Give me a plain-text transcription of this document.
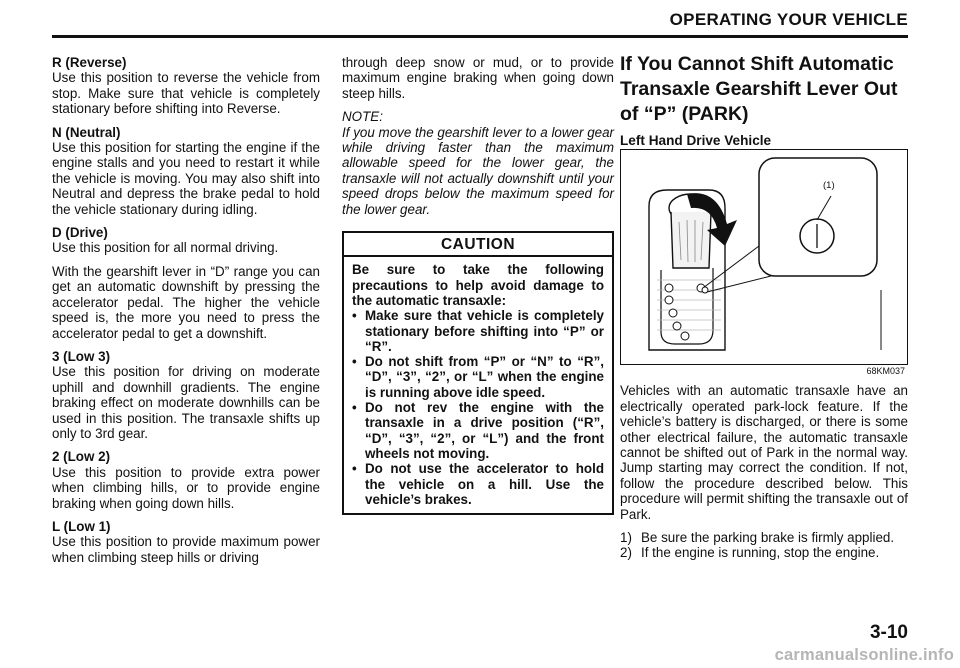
OPERATING YOUR VEHICLE
R (Reverse)
Use this position to reverse the vehicle from stop. Make sure that vehicle is completely stationary before shifting into Reverse.
N (Neutral)
Use this position for starting the engine if the engine stalls and you need to restart it while the vehicle is moving. You may also shift into Neutral and depress the brake pedal to hold the vehicle stationary during idling.
D (Drive)
Use this position for all normal driving.
With the gearshift lever in “D” range you can get an automatic downshift by pressing the accelerator pedal. The higher the vehicle speed is, the more you need to press the accelerator pedal to get a downshift.
3 (Low 3)
Use this position for driving on moderate uphill and downhill gradients. The engine braking effect on moderate downhills can be used in this position. The transaxle shifts up only to 3rd gear.
2 (Low 2)
Use this position to provide extra power when climbing hills, or to provide engine braking when going down hills.
L (Low 1)
Use this position to provide maximum power when climbing steep hills or driving
through deep snow or mud, or to provide maximum engine braking when going down steep hills.
NOTE:
If you move the gearshift lever to a lower gear while driving faster than the maximum allowable speed for the lower gear, the transaxle will not actually downshift until your speed drops below the maximum speed for the lower gear.
CAUTION
Be sure to take the following precautions to help avoid damage to the automatic transaxle:
• Make sure that vehicle is completely stationary before shifting into “P” or “R”.
• Do not shift from “P” or “N” to “R”, “D”, “3”, “2”, or “L” when the engine is running above idle speed.
• Do not rev the engine with the transaxle in a drive position (“R”, “D”, “3”, “2”, or “L”) and the front wheels not moving.
• Do not use the accelerator to hold the vehicle on a hill. Use the vehicle’s brakes.
If You Cannot Shift Automatic Transaxle Gearshift Lever Out of “P” (PARK)
Left Hand Drive Vehicle
(1)
68KM037
Vehicles with an automatic transaxle have an electrically operated park-lock feature. If the vehicle’s battery is discharged, or there is some other electrical failure, the automatic transaxle cannot be shifted out of Park in the normal way. Jump starting may correct the condition. If not, follow the procedure described below. This procedure will permit shifting the transaxle out of Park.
1) Be sure the parking brake is firmly applied.
2) If the engine is running, stop the engine.
3-10
carmanualsonline.info
